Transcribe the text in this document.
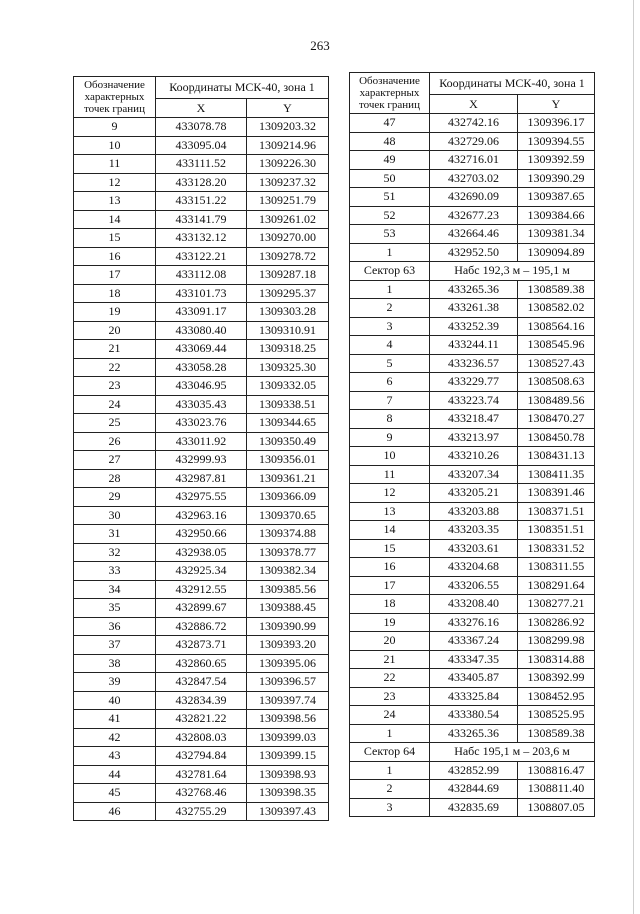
263
Обозначение характерных точек границ	Координаты МСК-40, зона 1	
	X	Y
9	433078.78	1309203.32
10	433095.04	1309214.96
11	433111.52	1309226.30
12	433128.20	1309237.32
13	433151.22	1309251.79
14	433141.79	1309261.02
15	433132.12	1309270.00
16	433122.21	1309278.72
17	433112.08	1309287.18
18	433101.73	1309295.37
19	433091.17	1309303.28
20	433080.40	1309310.91
21	433069.44	1309318.25
22	433058.28	1309325.30
23	433046.95	1309332.05
24	433035.43	1309338.51
25	433023.76	1309344.65
26	433011.92	1309350.49
27	432999.93	1309356.01
28	432987.81	1309361.21
29	432975.55	1309366.09
30	432963.16	1309370.65
31	432950.66	1309374.88
32	432938.05	1309378.77
33	432925.34	1309382.34
34	432912.55	1309385.56
35	432899.67	1309388.45
36	432886.72	1309390.99
37	432873.71	1309393.20
38	432860.65	1309395.06
39	432847.54	1309396.57
40	432834.39	1309397.74
41	432821.22	1309398.56
42	432808.03	1309399.03
43	432794.84	1309399.15
44	432781.64	1309398.93
45	432768.46	1309398.35
46	432755.29	1309397.43
Обозначение характерных точек границ	Координаты МСК-40, зона 1	
	X	Y
47	432742.16	1309396.17
48	432729.06	1309394.55
49	432716.01	1309392.59
50	432703.02	1309390.29
51	432690.09	1309387.65
52	432677.23	1309384.66
53	432664.46	1309381.34
1	432952.50	1309094.89
Сектор 63	Набс 192,3 м – 195,1 м	
1	433265.36	1308589.38
2	433261.38	1308582.02
3	433252.39	1308564.16
4	433244.11	1308545.96
5	433236.57	1308527.43
6	433229.77	1308508.63
7	433223.74	1308489.56
8	433218.47	1308470.27
9	433213.97	1308450.78
10	433210.26	1308431.13
11	433207.34	1308411.35
12	433205.21	1308391.46
13	433203.88	1308371.51
14	433203.35	1308351.51
15	433203.61	1308331.52
16	433204.68	1308311.55
17	433206.55	1308291.64
18	433208.40	1308277.21
19	433276.16	1308286.92
20	433367.24	1308299.98
21	433347.35	1308314.88
22	433405.87	1308392.99
23	433325.84	1308452.95
24	433380.54	1308525.95
1	433265.36	1308589.38
Сектор 64	Набс 195,1 м – 203,6 м	
1	432852.99	1308816.47
2	432844.69	1308811.40
3	432835.69	1308807.05
